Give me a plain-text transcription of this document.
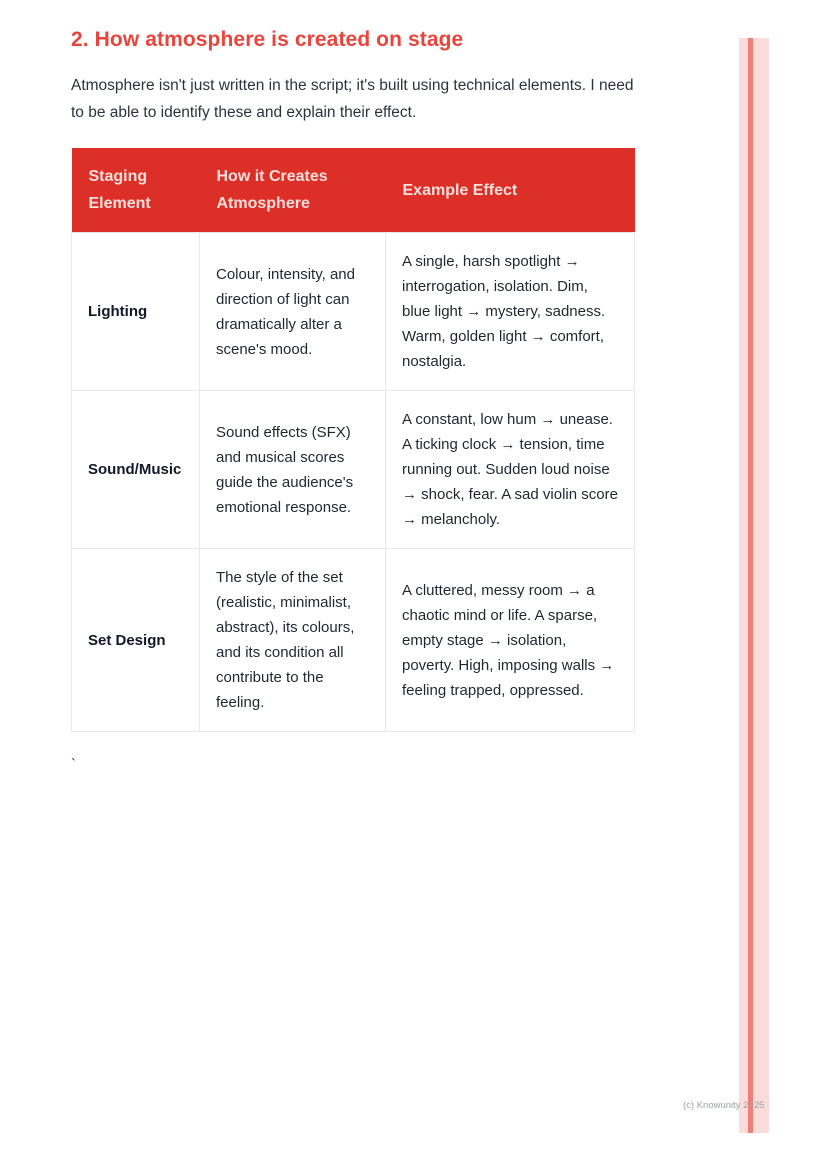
2. How atmosphere is created on stage

Atmosphere isn't just written in the script; it's built using technical elements. I need to be able to identify these and explain their effect.

Staging Element	How it Creates Atmosphere	Example Effect
Lighting	Colour, intensity, and direction of light can dramatically alter a scene's mood.	A single, harsh spotlight → interrogation, isolation. Dim, blue light → mystery, sadness. Warm, golden light → comfort, nostalgia.
Sound/Music	Sound effects (SFX) and musical scores guide the audience's emotional response.	A constant, low hum → unease. A ticking clock → tension, time running out. Sudden loud noise → shock, fear. A sad violin score → melancholy.
Set Design	The style of the set (realistic, minimalist, abstract), its colours, and its condition all contribute to the feeling.	A cluttered, messy room → a chaotic mind or life. A sparse, empty stage → isolation, poverty. High, imposing walls → feeling trapped, oppressed.

`

(c) Knowunity 2025
